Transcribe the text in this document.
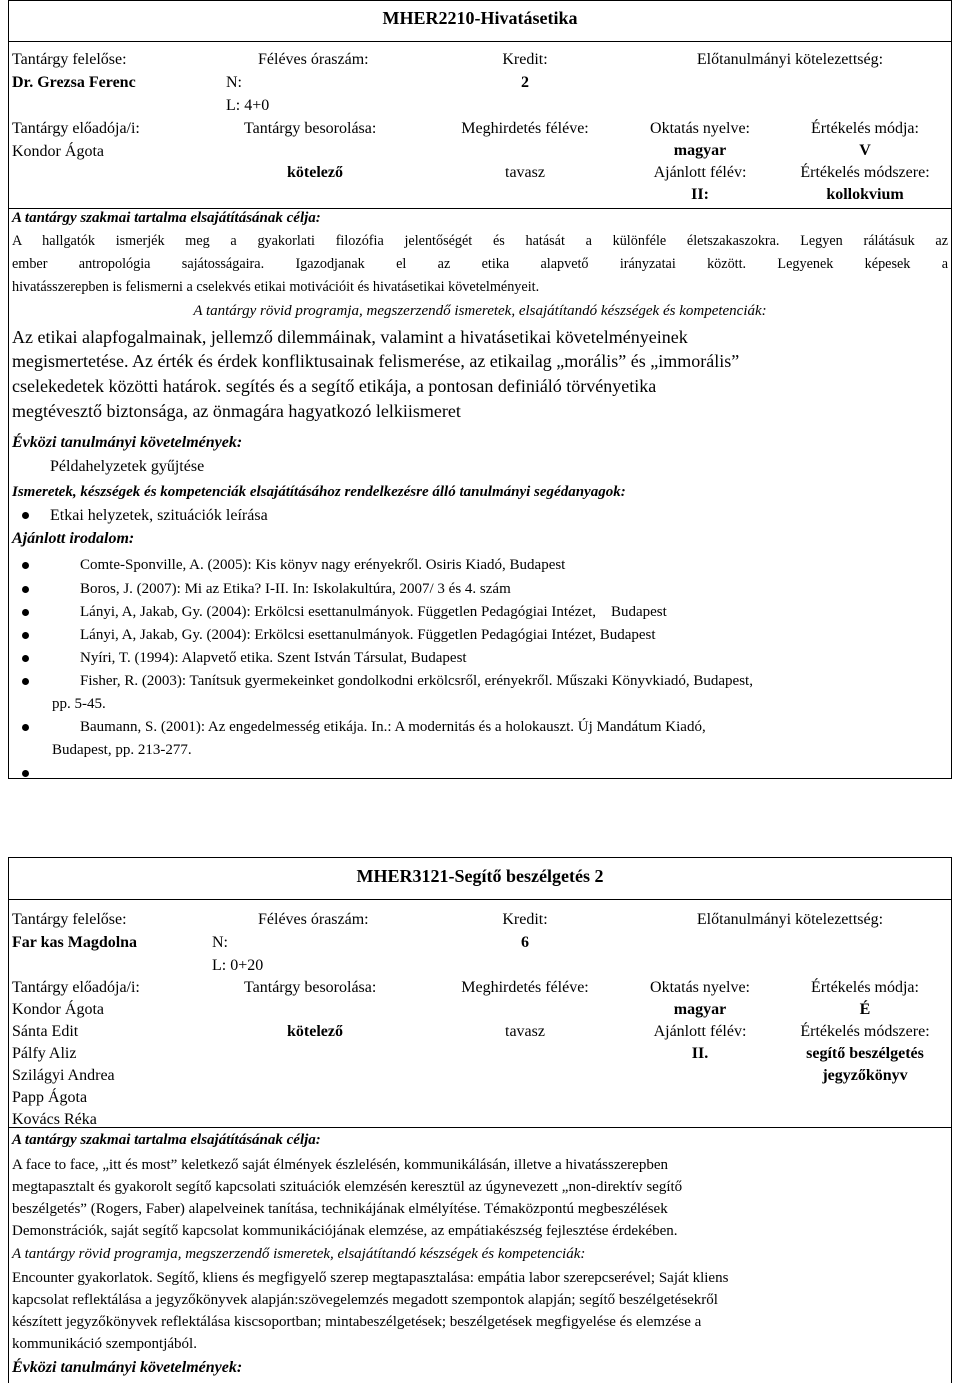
MHER2210-Hivatásetika
Tantárgy felelőse:
Dr. Grezsa Ferenc
Féléves óraszám:
N:
L: 4+0
Kredit:
2
Előtanulmányi kötelezettség:
Tantárgy előadója/i:
Kondor Ágota
Tantárgy besorolása:
kötelező
Meghirdetés féléve:
tavasz
Oktatás nyelve:
magyar
Ajánlott félév:
II:
Értékelés módja:
V
Értékelés módszere:
kollokvium
A tantárgy szakmai tartalma elsajátításának célja:
A hallgatók ismerjék meg a gyakorlati filozófia jelentőségét és hatását a különféle életszakaszokra. Legyen rálátásuk az
ember antropológia sajátosságaira. Igazodjanak el az etika alapvető irányzatai között. Legyenek képesek a
hivatásszerepben is felismerni a cselekvés etikai motivációit és hivatásetikai követelményeit.
A tantárgy rövid programja, megszerzendő ismeretek, elsajátítandó készségek és kompetenciák:
Az etikai alapfogalmainak, jellemző dilemmáinak, valamint a hivatásetikai követelményeinek
megismertetése. Az érték és érdek konfliktusainak felismerése, az etikailag „morális” és „immorális”
cselekedetek közötti határok. segítés és a segítő etikája, a pontosan definiáló törvényetika
megtévesztő biztonsága, az önmagára hagyatkozó lelkiismeret
Évközi tanulmányi követelmények:
Példahelyzetek gyűjtése
Ismeretek, készségek és kompetenciák elsajátításához rendelkezésre álló tanulmányi segédanyagok:
Etkai helyzetek, szituációk leírása
Ajánlott irodalom:
Comte-Sponville, A. (2005): Kis könyv nagy erényekről. Osiris Kiadó, Budapest
Boros, J. (2007): Mi az Etika? I-II. In: Iskolakultúra, 2007/ 3 és 4. szám
Lányi, A, Jakab, Gy. (2004): Erkölcsi esettanulmányok. Független Pedagógiai Intézet,    Budapest
Lányi, A, Jakab, Gy. (2004): Erkölcsi esettanulmányok. Független Pedagógiai Intézet, Budapest
Nyíri, T. (1994): Alapvető etika. Szent István Társulat, Budapest
Fisher, R. (2003): Tanítsuk gyermekeinket gondolkodni erkölcsről, erényekről. Műszaki Könyvkiadó, Budapest,
pp. 5-45.
Baumann, S. (2001): Az engedelmesség etikája. In.: A modernitás és a holokauszt. Új Mandátum Kiadó,
Budapest, pp. 213-277.
MHER3121-Segítő beszélgetés 2
Tantárgy felelőse:
Far kas Magdolna
Féléves óraszám:
N:
L: 0+20
Kredit:
6
Előtanulmányi kötelezettség:
Tantárgy előadója/i:
Kondor Ágota
Sánta Edit
Pálfy Aliz
Szilágyi Andrea
Papp Ágota
Kovács Réka
Tantárgy besorolása:
kötelező
Meghirdetés féléve:
tavasz
Oktatás nyelve:
magyar
Ajánlott félév:
II.
Értékelés módja:
É
Értékelés módszere:
segítő beszélgetés
jegyzőkönyv
A tantárgy szakmai tartalma elsajátításának célja:
A face to face, „itt és most” keletkező saját élmények észlelésén, kommunikálásán, illetve a hivatásszerepben
megtapasztalt és gyakorolt segítő kapcsolati szituációk elemzésén keresztül az úgynevezett „non-direktív segítő
beszélgetés” (Rogers, Faber) alapelveinek tanítása, technikájának elmélyítése. Témaközpontú megbeszélések
Demonstrációk, saját segítő kapcsolat kommunikációjának elemzése, az empátiakészség fejlesztése érdekében.
A tantárgy rövid programja, megszerzendő ismeretek, elsajátítandó készségek és kompetenciák:
Encounter gyakorlatok. Segítő, kliens és megfigyelő szerep megtapasztalása: empátia labor szerepcserével; Saját kliens
kapcsolat reflektálása a jegyzőkönyvek alapján:szövegelemzés megadott szempontok alapján; segítő beszélgetésekről
készített jegyzőkönyvek reflektálása kiscsoportban; mintabeszélgetések; beszélgetések megfigyelése és elemzése a
kommunikáció szempontjából.
Évközi tanulmányi követelmények:
